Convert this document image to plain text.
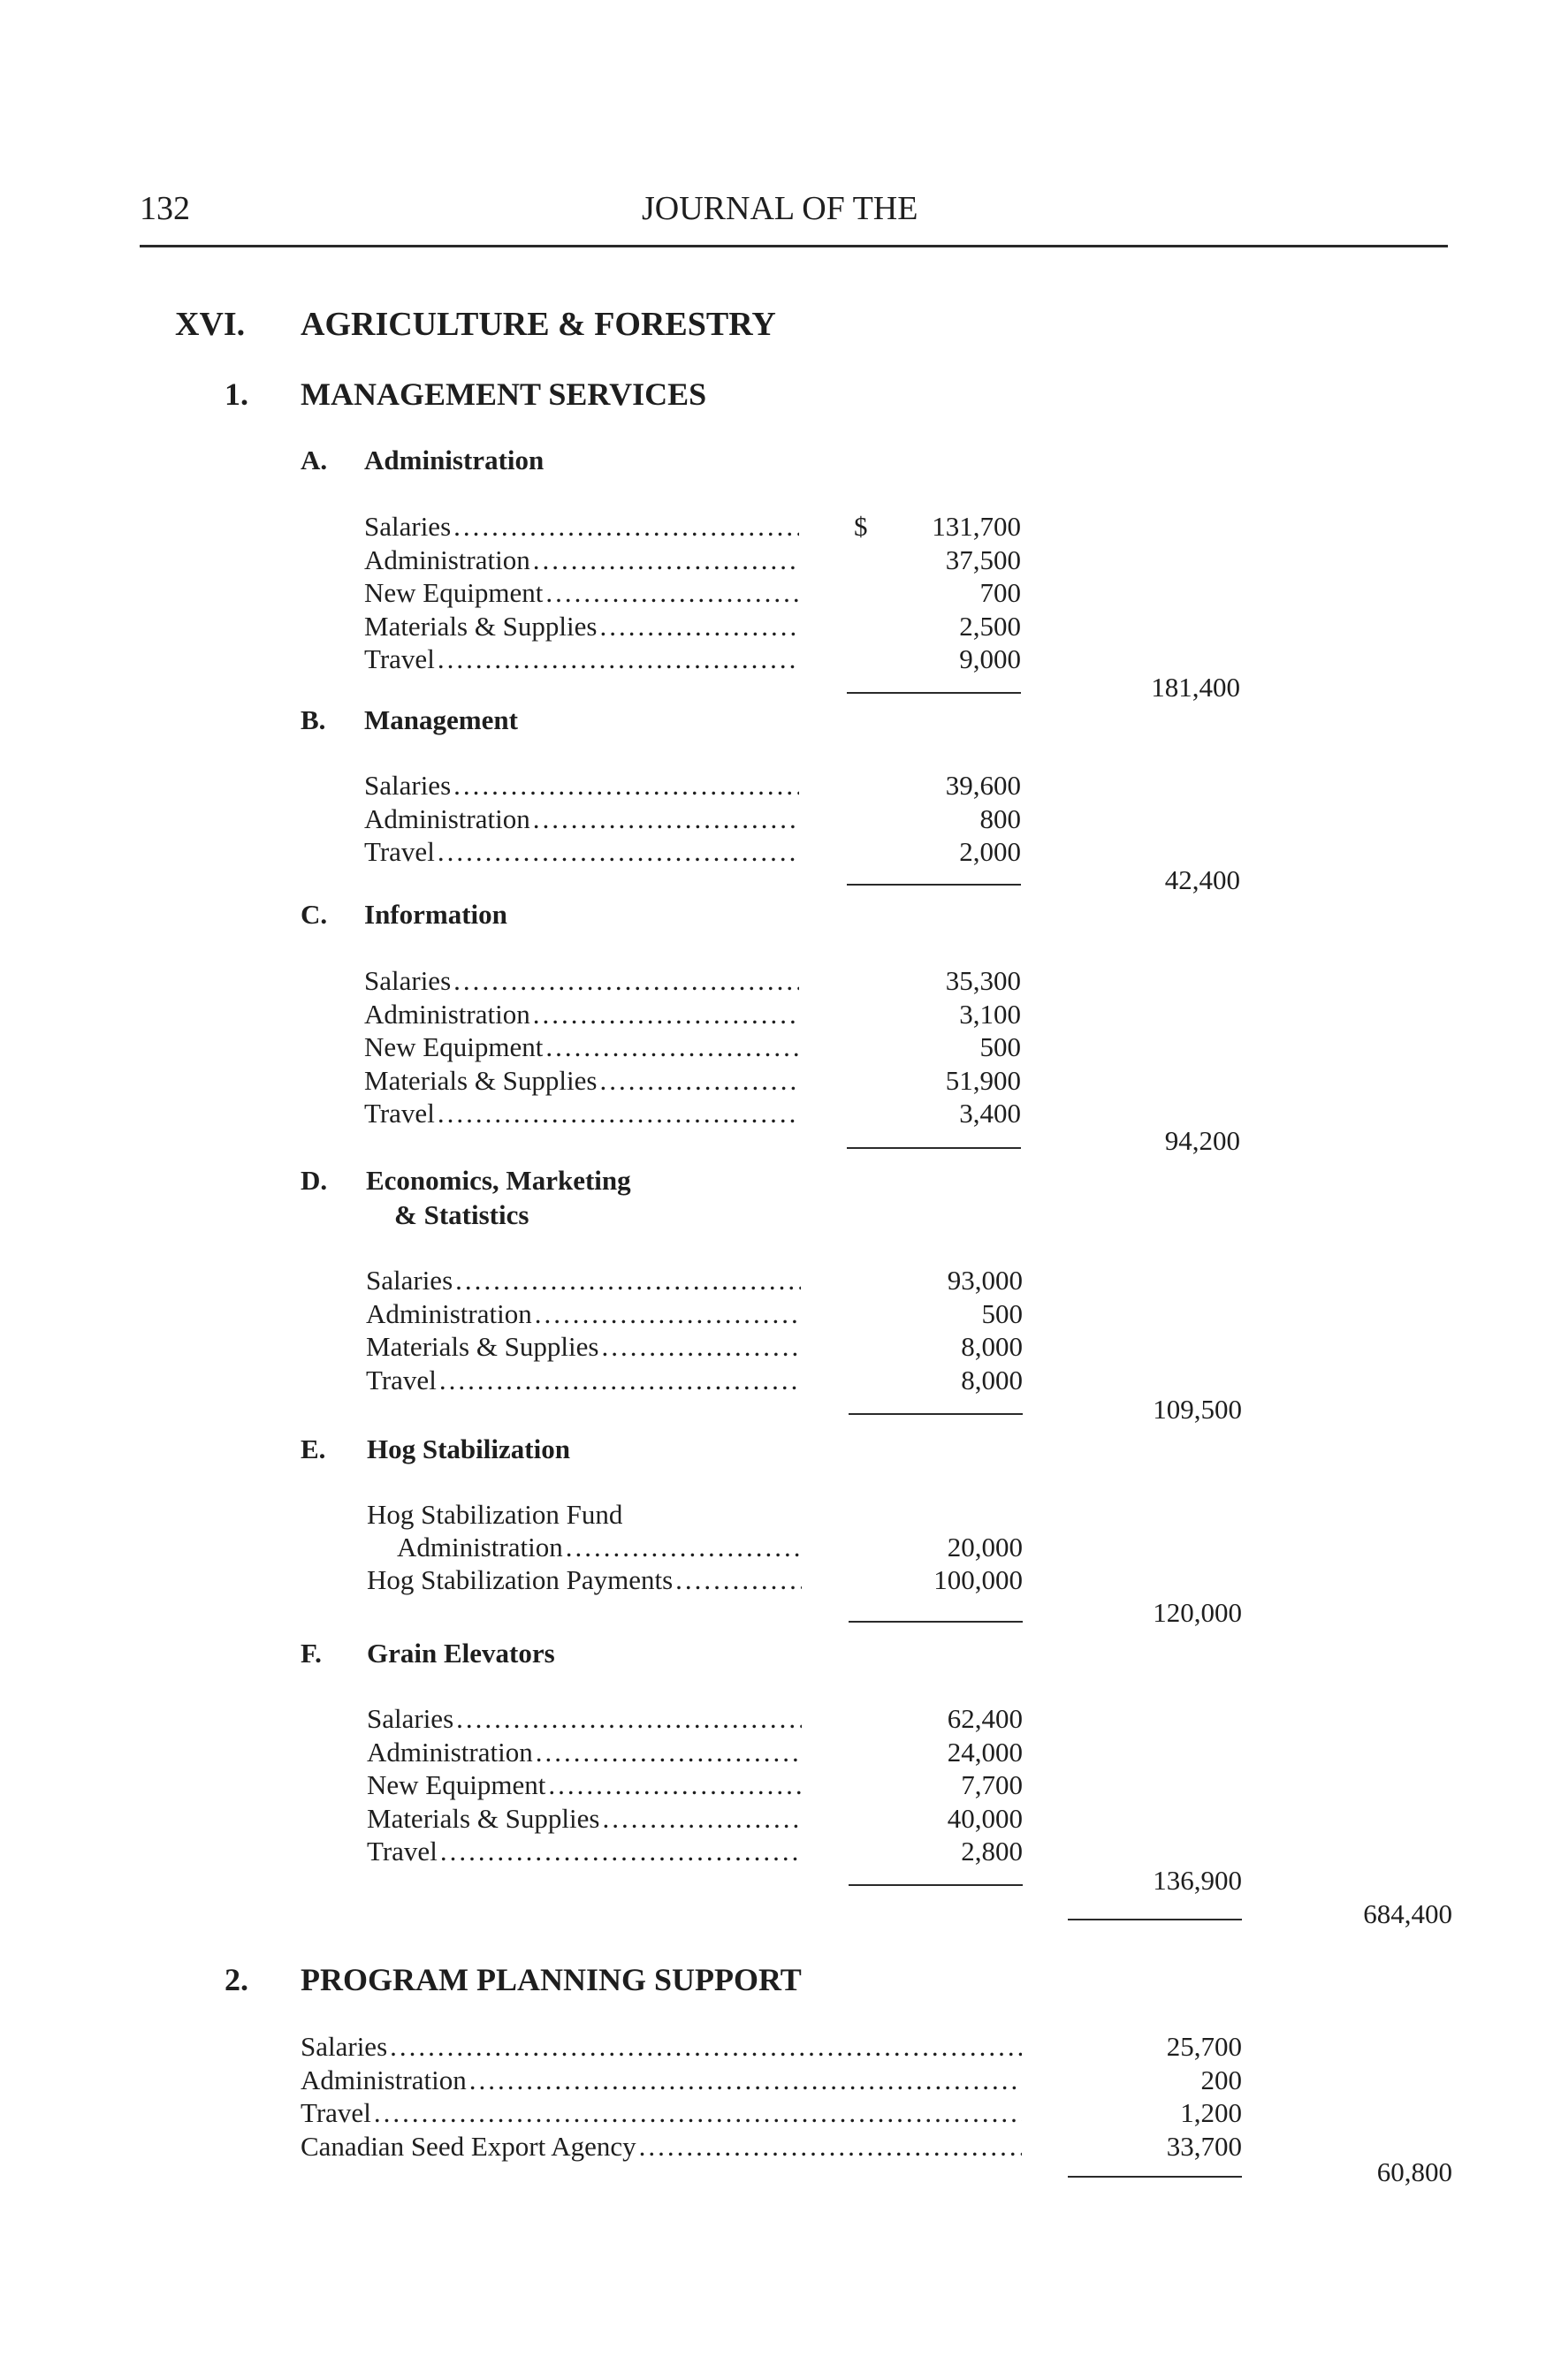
132	JOURNAL OF THE
XVI. AGRICULTURE & FORESTRY
1. MANAGEMENT SERVICES
A. Administration
Salaries
.....
Administration
.....
New Equipment
.....
Materials & Supplies
.....
Travel
.....
$	131,700
37,500
700
2,500
9,000
181,400
B. Management
Salaries
.....
Administration
.....
Travel
.....
39,600
800
2,000
42,400
C. Information
Salaries
.....
Administration
.....
New Equipment
.....
Materials & Supplies
.....
Travel
.....
35,300
3,100
500
51,900
3,400
94,200
D. Economics, Marketing
& Statistics
Salaries
.....
Administration
.....
Materials & Supplies
.....
Travel
.....
93,000
500
8,000
8,000
109,500
E. Hog Stabilization
Hog Stabilization Fund
Administration
.....
Hog Stabilization Payments
.....
20,000
100,000
120,000
F. Grain Elevators
Salaries
.....
Administration
.....
New Equipment
.....
Materials & Supplies
.....
Travel
.....
62,400
24,000
7,700
40,000
2,800
136,900
684,400
2. PROGRAM PLANNING SUPPORT
Salaries
.....
Administration
.....
Travel
.....
Canadian Seed Export Agency
.....
25,700
200
1,200
33,700
60,800
